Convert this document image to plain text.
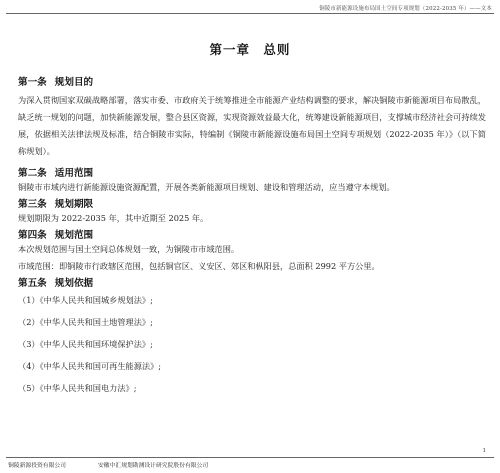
铜陵市新能源设施布局国土空间专项规划（2022-2035 年）——文本
第一章 总则
第一条 规划目的

为深入贯彻国家双碳战略部署，落实市委、市政府关于统筹推进全市能源产业结构调整的要求，解决铜陵市新能源项目布局散乱，缺乏统一规划的问题，加快新能源发展，整合县区资源，实现资源效益最大化，统筹建设新能源项目，支撑城市经济社会可持续发展，依据相关法律法规及标准，结合铜陵市实际，特编制《铜陵市新能源设施布局国土空间专项规划（2022-2035 年）》（以下简称规划）。

第二条 适用范围

铜陵市市域内进行新能源设施资源配置，开展各类新能源项目规划、建设和管理活动，应当遵守本规划。

第三条 规划期限

规划期限为 2022-2035 年，其中近期至 2025 年。

第四条 规划范围

本次规划范围与国土空间总体规划一致，为铜陵市市域范围。

市域范围：即铜陵市行政辖区范围，包括铜官区、义安区、郊区和枞阳县，总面积 2992 平方公里。

第五条 规划依据

（1）《中华人民共和国城乡规划法》;

（2）《中华人民共和国土地管理法》;

（3）《中华人民共和国环境保护法》;

（4）《中华人民共和国可再生能源法》;

（5）《中华人民共和国电力法》;

1
铜陵新源投资有限公司	安徽中汇规划勘测设计研究院股份有限公司
